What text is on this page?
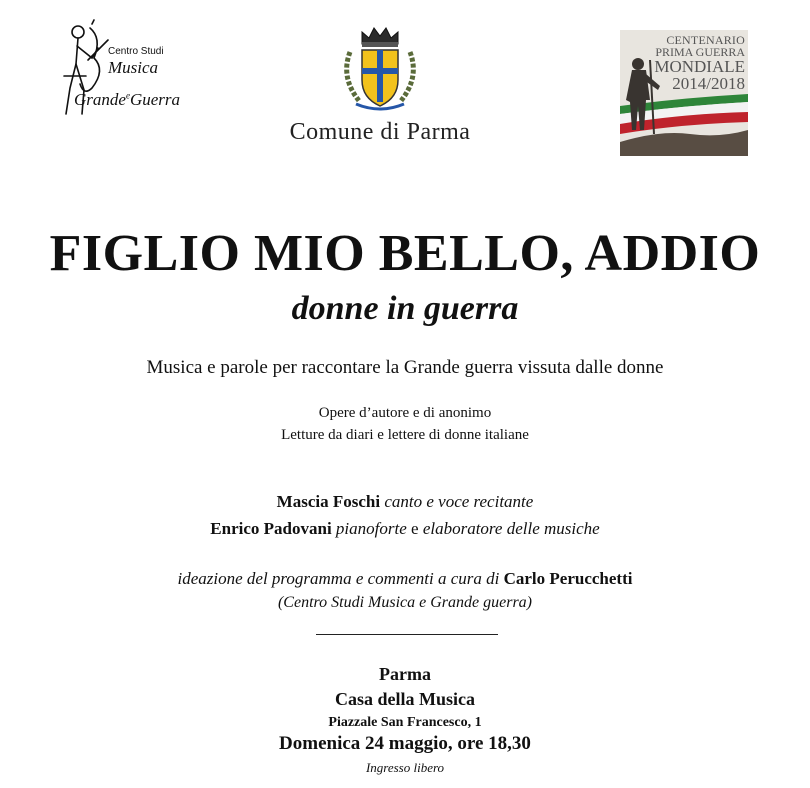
Centro Studi
Musica
Grande$^e$Guerra
Comune di Parma
CENTENARIO
PRIMA GUERRA
MONDIALE
2014/2018
FIGLIO MIO BELLO, ADDIO
donne in guerra
Musica e parole per raccontare la Grande guerra vissuta dalle donne
Opere d’autore e di anonimo
Letture da diari e lettere di donne italiane
Mascia Foschi canto e voce recitante
Enrico Padovani pianoforte e elaboratore delle musiche
ideazione del programma e commenti a cura di Carlo Perucchetti
(Centro Studi Musica e Grande guerra)
Parma
Casa della Musica
Piazzale San Francesco, 1
Domenica 24 maggio, ore 18,30
Ingresso libero
